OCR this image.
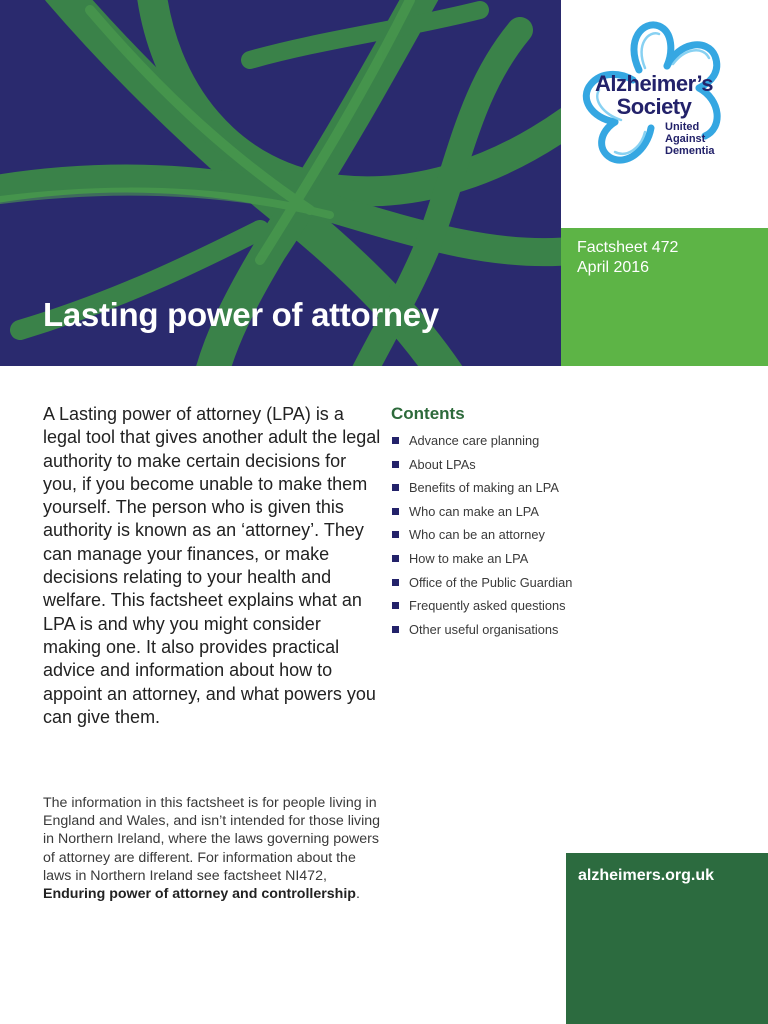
Lasting power of attorney
Alzheimer’s
Society
United
Against
Dementia
Factsheet 472
April 2016

A Lasting power of attorney (LPA) is a legal tool that gives another adult the legal authority to make certain decisions for you, if you become unable to make them yourself. The person who is given this authority is known as an ‘attorney’. They can manage your finances, or make decisions relating to your health and welfare. This factsheet explains what an LPA is and why you might consider making one. It also provides practical advice and information about how to appoint an attorney, and what powers you can give them.

The information in this factsheet is for people living in England and Wales, and isn’t intended for those living in Northern Ireland, where the laws governing powers of attorney are different. For information about the laws in Northern Ireland see factsheet NI472, Enduring power of attorney and controllership.

Contents
Advance care planning
About LPAs
Benefits of making an LPA
Who can make an LPA
Who can be an attorney
How to make an LPA
Office of the Public Guardian
Frequently asked questions
Other useful organisations
alzheimers.org.uk
